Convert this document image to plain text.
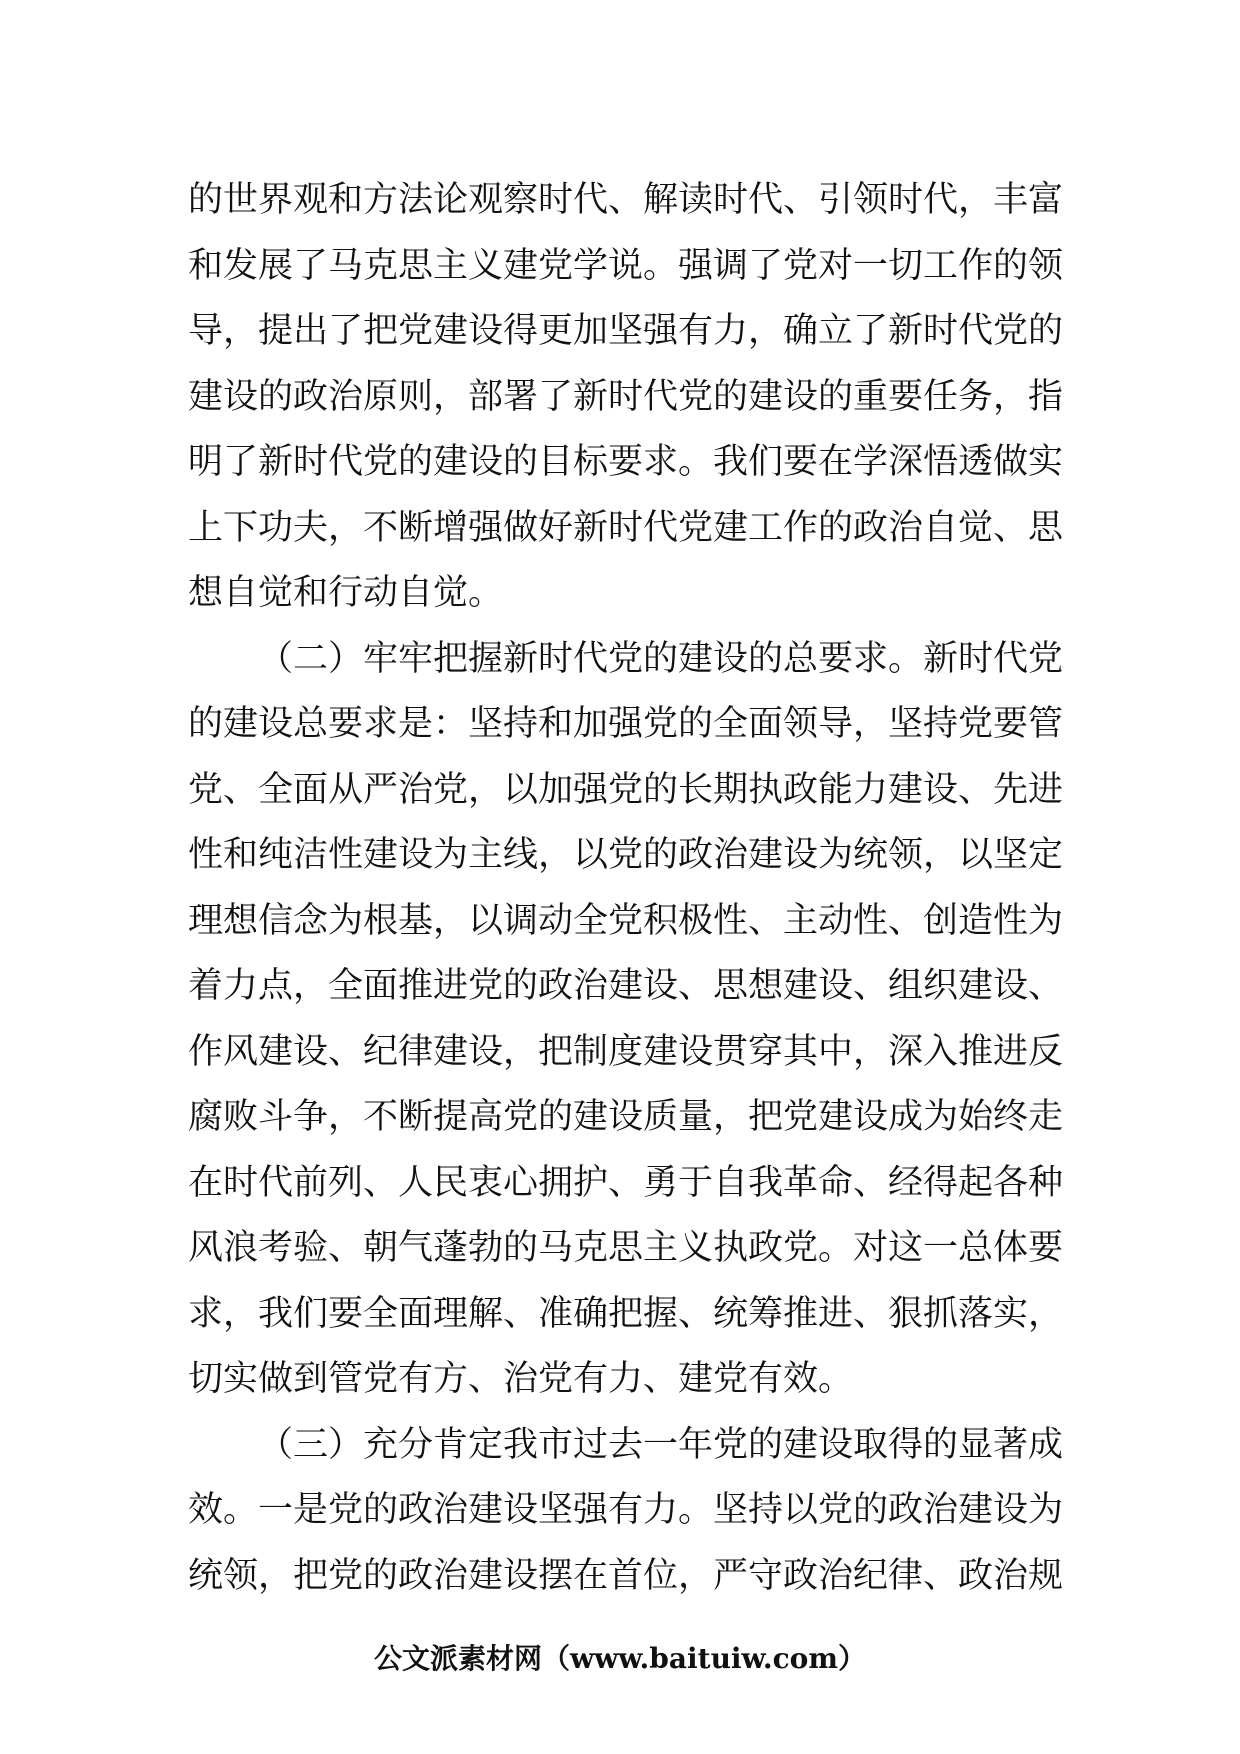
的世界观和方法论观察时代、解读时代、引领时代，丰富
和发展了马克思主义建党学说。强调了党对一切工作的领
导，提出了把党建设得更加坚强有力，确立了新时代党的
建设的政治原则，部署了新时代党的建设的重要任务，指
明了新时代党的建设的目标要求。我们要在学深悟透做实
上下功夫，不断增强做好新时代党建工作的政治自觉、思
想自觉和行动自觉。
（二）牢牢把握新时代党的建设的总要求。新时代党
的建设总要求是：坚持和加强党的全面领导，坚持党要管
党、全面从严治党，以加强党的长期执政能力建设、先进
性和纯洁性建设为主线，以党的政治建设为统领，以坚定
理想信念为根基，以调动全党积极性、主动性、创造性为
着力点，全面推进党的政治建设、思想建设、组织建设、
作风建设、纪律建设，把制度建设贯穿其中，深入推进反
腐败斗争，不断提高党的建设质量，把党建设成为始终走
在时代前列、人民衷心拥护、勇于自我革命、经得起各种
风浪考验、朝气蓬勃的马克思主义执政党。对这一总体要
求，我们要全面理解、准确把握、统筹推进、狠抓落实，
切实做到管党有方、治党有力、建党有效。
（三）充分肯定我市过去一年党的建设取得的显著成
效。一是党的政治建设坚强有力。坚持以党的政治建设为
统领，把党的政治建设摆在首位，严守政治纪律、政治规
公文派素材网（www.baituiw.com）
